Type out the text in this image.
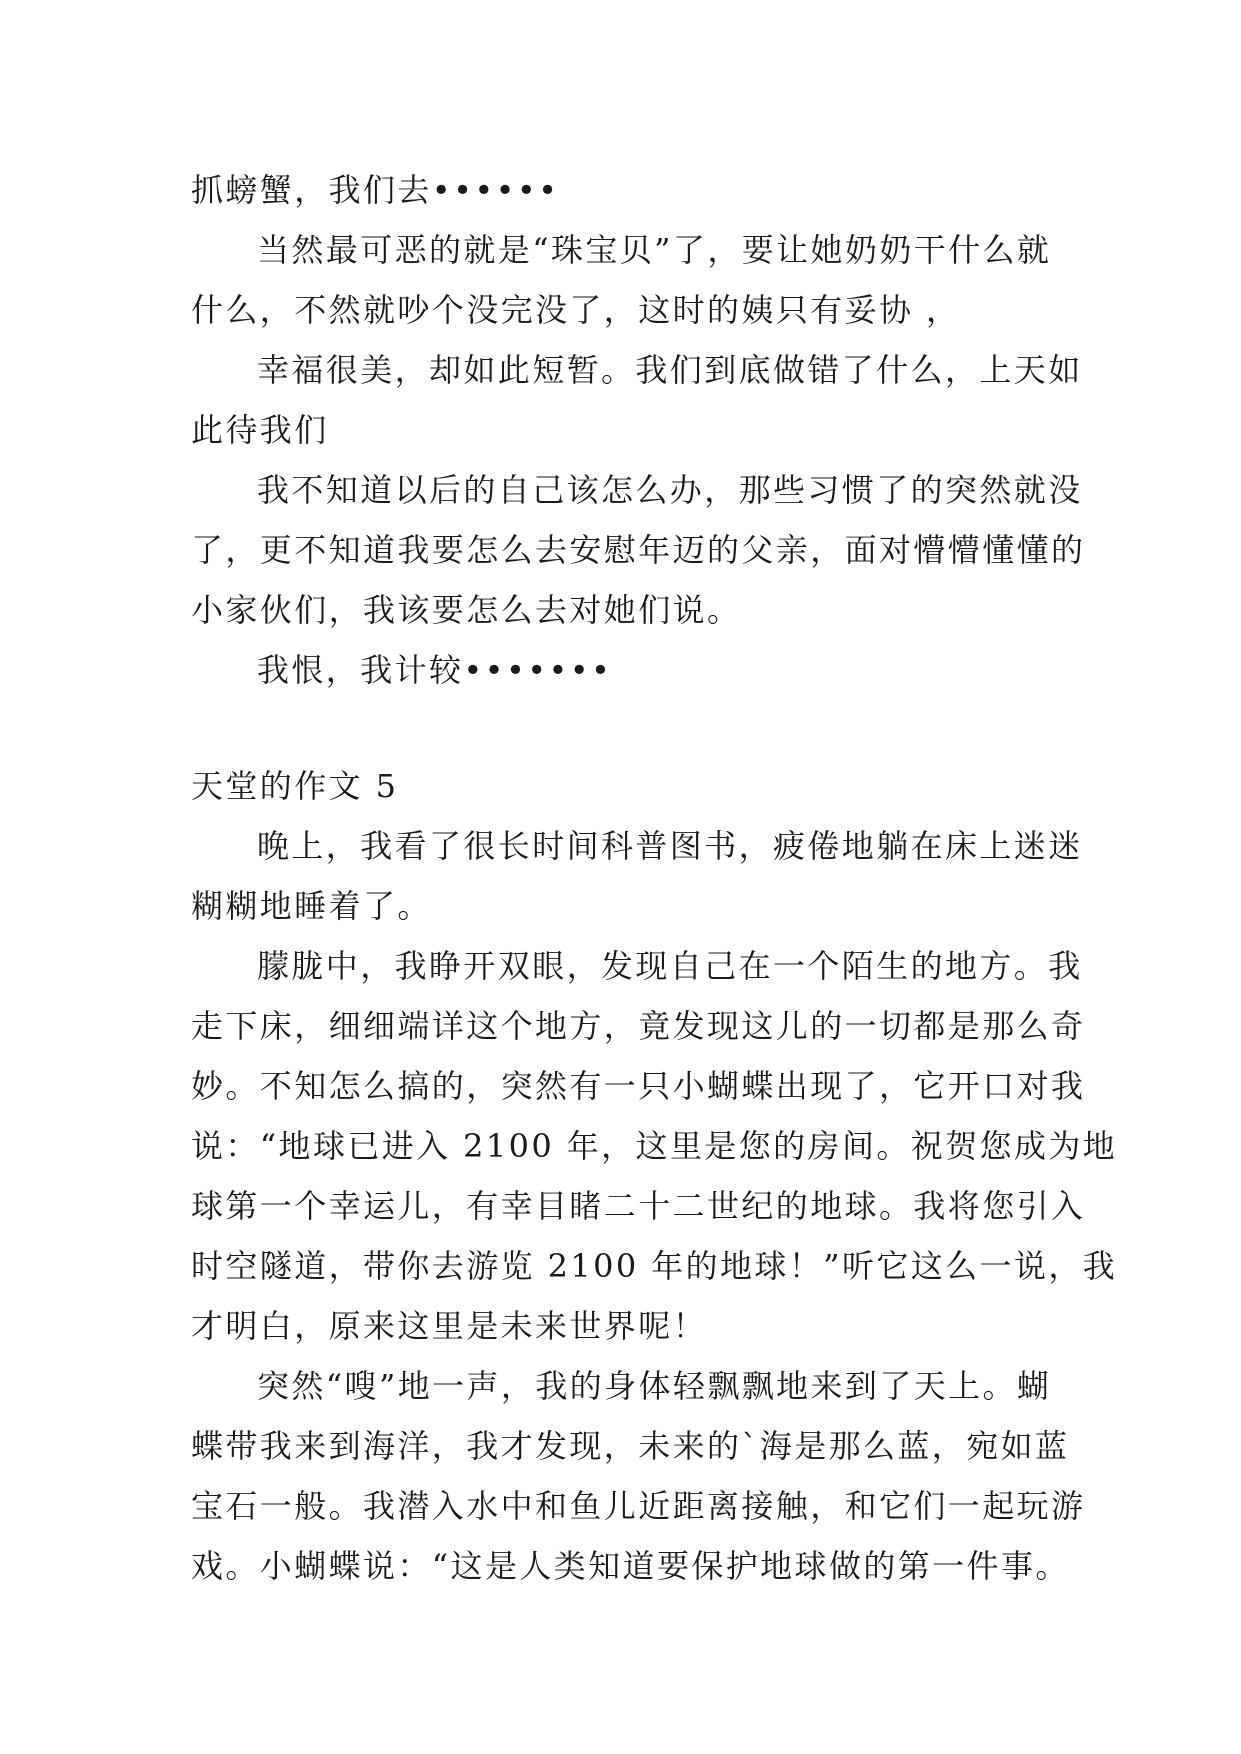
抓螃蟹，我们去••••••
当然最可恶的就是“珠宝贝”了，要让她奶奶干什么就
什么，不然就吵个没完没了，这时的姨只有妥协 ，
幸福很美，却如此短暂。我们到底做错了什么，上天如
此待我们
我不知道以后的自己该怎么办，那些习惯了的突然就没
了，更不知道我要怎么去安慰年迈的父亲，面对懵懵懂懂的
小家伙们，我该要怎么去对她们说。
我恨，我计较•••••••
天堂的作文 5
晚上，我看了很长时间科普图书，疲倦地躺在床上迷迷
糊糊地睡着了。
朦胧中，我睁开双眼，发现自己在一个陌生的地方。我
走下床，细细端详这个地方，竟发现这儿的一切都是那么奇
妙。不知怎么搞的，突然有一只小蝴蝶出现了，它开口对我
说：“地球已进入 2100 年，这里是您的房间。祝贺您成为地
球第一个幸运儿，有幸目睹二十二世纪的地球。我将您引入
时空隧道，带你去游览 2100 年的地球！”听它这么一说，我
才明白，原来这里是未来世界呢！
突然“嗖”地一声，我的身体轻飘飘地来到了天上。蝴
蝶带我来到海洋，我才发现，未来的`海是那么蓝，宛如蓝
宝石一般。我潜入水中和鱼儿近距离接触，和它们一起玩游
戏。小蝴蝶说：“这是人类知道要保护地球做的第一件事。
